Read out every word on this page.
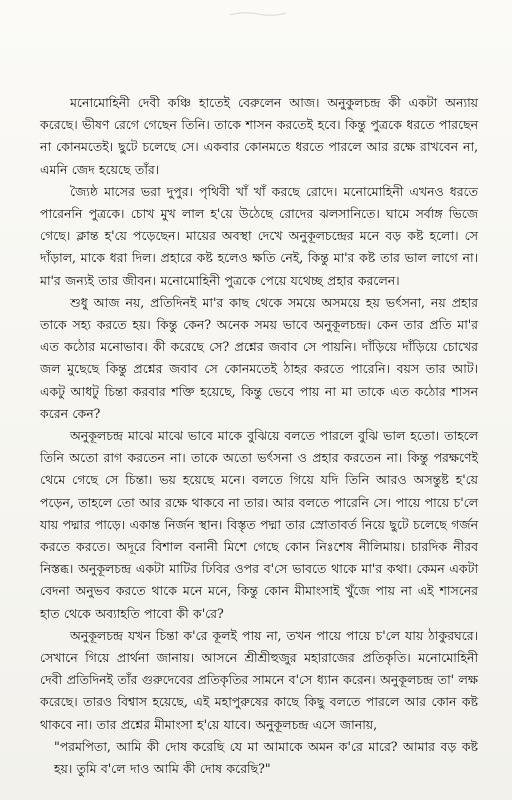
মনোমোহিনী দেবী কঞ্চি হাতেই বেরুলেন আজ। অনুকুলচন্দ্র কী একটা অন্যায় করেছে। ভীষণ রেগে গেছেন তিনি। তাকে শাসন করতেই হবে। কিন্তু পুত্রকে ধরতে পারছেন না কোনমতেই। ছুটে চলেছে সে। একবার কোনমতে ধরতে পারলে আর রক্ষে রাখবেন না, এমনি জেদ হয়েছে তাঁর।

জ্যৈষ্ঠ মাসের ভরা দুপুর। পৃথিবী খাঁ খাঁ করছে রোদে। মনোমোহিনী এখনও ধরতে পারেননি পুত্রকে। চোখ মুখ লাল হ'য়ে উঠেছে রোদের ঝলসানিতে। ঘামে সর্বাঙ্গ ভিজে গেছে। ক্লান্ত হ'য়ে পড়েছেন। মায়ের অবস্থা দেখে অনুকূলচন্দ্রের মনে বড় কষ্ট হলো। সে দাঁড়াল, মাকে ধরা দিল। প্রহারে কষ্ট হলেও ক্ষতি নেই, কিন্তু মা'র কষ্ট তার ভাল লাগে না। মা'র জন্যই তার জীবন। মনোমোহিনী পুত্রকে পেয়ে যথেচ্ছ প্রহার করলেন।

শুধু আজ নয়, প্রতিদিনই মা'র কাছ থেকে সময়ে অসময়ে হয় ভর্ৎসনা, নয় প্রহার তাকে সহ্য করতে হয়। কিন্তু কেন? অনেক সময় ভাবে অনুকূলচন্দ্র। কেন তার প্রতি মা'র এত কঠোর মনোভাব। কী করেছে সে? প্রশ্নের জবাব সে পায়নি। দাঁড়িয়ে দাঁড়িয়ে চোখের জল মুছেছে কিন্তু প্রশ্নের জবাব সে কোনমতেই ঠাহর করতে পারেনি। বয়স তার আট। একটু আধটু চিন্তা করবার শক্তি হয়েছে, কিন্তু ভেবে পায় না মা তাকে এত কঠোর শাসন করেন কেন?

অনুকূলচন্দ্র মাঝে মাঝে ভাবে মাকে বুঝিয়ে বলতে পারলে বুঝি ভাল হতো। তাহলে তিনি অতো রাগ করতেন না। তাকে অতো ভর্ৎসনা ও প্রহার করতেন না। কিন্তু পরক্ষণেই থেমে গেছে সে চিন্তা। ভয় হয়েছে মনে। বলতে গিয়ে যদি তিনি আরও অসন্তুষ্ট হ'য়ে পড়েন, তাহলে তো আর রক্ষে থাকবে না তার। আর বলতে পারেনি সে। পায়ে পায়ে চ'লে যায় পদ্মার পাড়ে। একান্ত নির্জন স্থান। বিস্তৃত পদ্মা তার স্রোতাবর্ত নিয়ে ছুটে চলেছে গর্জন করতে করতে। অদূরে বিশাল বনানী মিশে গেছে কোন নিঃশেষ নীলিমায়। চারদিক নীরব নিস্তব্ধ। অনুকূলচন্দ্র একটা মাটির ঢিবির ওপর ব'সে ভাবতে থাকে মা'র কথা। কেমন একটা বেদনা অনুভব করতে থাকে মনে মনে, কিন্তু কোন মীমাংসাই খুঁজে পায় না এই শাসনের হাত থেকে অব্যাহতি পাবো কী ক'রে?

অনুকূলচন্দ্র যখন চিন্তা ক'রে কূলই পায় না, তখন পায়ে পায়ে চ'লে যায় ঠাকুরঘরে। সেখানে গিয়ে প্রার্থনা জানায়। আসনে শ্রীশ্রীহুজুর মহারাজের প্রতিকৃতি। মনোমোহিনী দেবী প্রতিদিনই তাঁর গুরুদেবের প্রতিকৃতির সামনে ব'সে ধ্যান করেন। অনুকূলচন্দ্র তা' লক্ষ করেছে। তারও বিশ্বাস হয়েছে, এই মহাপুরুষের কাছে কিছু বলতে পারলে আর কোন কষ্ট থাকবে না। তার প্রশ্নের মীমাংসা হ'য়ে যাবে। অনুকূলচন্দ্র এসে জানায়,

"পরমপিতা, আমি কী দোষ করেছি যে মা আমাকে অমন ক'রে মারে? আমার বড় কষ্ট হয়। তুমি ব'লে দাও আমি কী দোষ করেছি?"
